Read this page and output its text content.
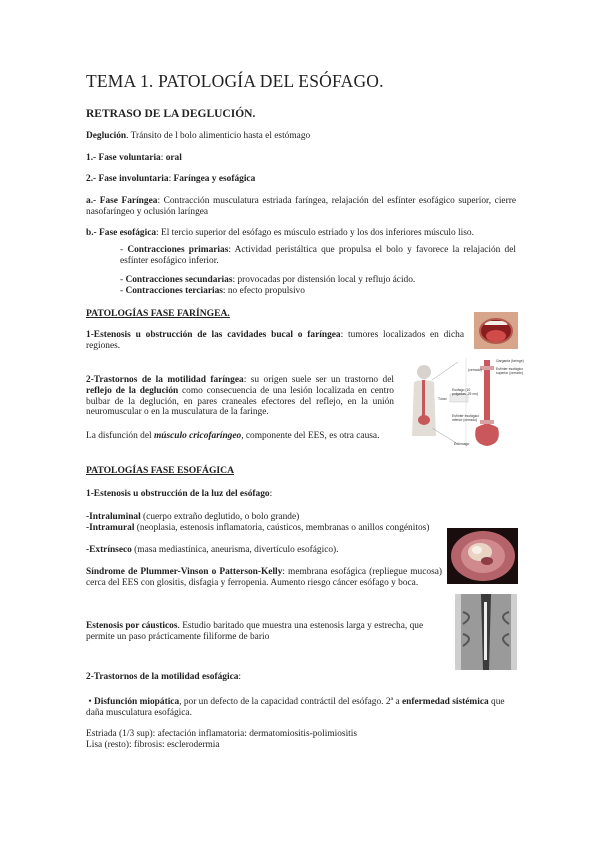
TEMA 1. PATOLOGÍA DEL ESÓFAGO.
RETRASO DE LA DEGLUCIÓN.
Deglución. Tránsito de l bolo alimenticio hasta el estómago
1.- Fase voluntaria: oral
2.- Fase involuntaria: Faríngea y esofágica
a.- Fase Faríngea: Contracción musculatura estriada faríngea, relajación del esfínter esofágico superior, cierre nasofaríngeo y oclusión laríngea
b.- Fase esofágica: El tercio superior del esófago es músculo estriado y los dos inferiores músculo liso.
- Contracciones primarias: Actividad peristáltica que propulsa el bolo y favorece la relajación del esfínter esofágico inferior.
- Contracciones secundarias: provocadas por distensión local y reflujo ácido.
- Contracciones terciarias: no efecto propulsivo
PATOLOGÍAS FASE FARÍNGEA.
1-Estenosis u obstrucción de las cavidades bucal o faríngea: tumores localizados en dicha regiones.
2-Trastornos de la motilidad faríngea: su origen suele ser un trastorno del reflejo de la deglución como consecuencia de una lesión localizada en centro bulbar de la deglución, en pares craneales efectores del reflejo, en la unión neuromuscular o en la musculatura de la faringe.
La disfunción del músculo cricofaríngeo, componente del EES, es otra causa.
Garganta (faringe)
Esfínter esofágico superior (cerrado)
Esófago (10 pulgadas, 25 cm)
Esfínter esofágico inferior (cerrado)
Estómago
(cerrado)
Tórax
PATOLOGÍAS FASE ESOFÁGICA
1-Estenosis u obstrucción de la luz del esófago:
-Intraluminal (cuerpo extraño deglutido, o bolo grande)
-Intramural (neoplasia, estenosis inflamatoria, caústicos, membranas o anillos congénitos)
-Extrínseco (masa mediastínica, aneurisma, divertículo esofágico).
Síndrome de Plummer-Vinson o Patterson-Kelly: membrana esofágica (repliegue mucosa) cerca del EES con glositis, disfagia y ferropenia. Aumento riesgo cáncer esófago y boca.
Estenosis por cáusticos. Estudio baritado que muestra una estenosis larga y estrecha, que permite un paso prácticamente filiforme de bario
2-Trastornos de la motilidad esofágica:
• Disfunción miopática, por un defecto de la capacidad contráctil del esófago. 2ª a enfermedad sistémica que daña musculatura esofágica.
Estriada (1/3 sup): afectación inflamatoria: dermatomiositis-polimiositis
Lisa (resto): fibrosis: esclerodermia
